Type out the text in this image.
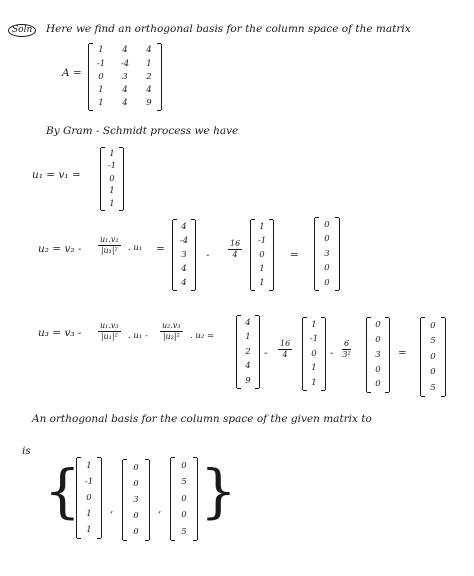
Soln	Here we find an orthogonal basis for the column space of the matrix
A =
1 4 4
-1 -4 1
0 3 2
1 4 4
1 4 9
By Gram - Schmidt process we have
u₁ = v₁ =
1
-1
0
1
1
$u_2 = v_2 - \frac{\text{u₁.v₂}}{\text{|u₁|²}}$ . u₁ =
4
-4
3
4
4
- $\frac{16}{4}$
1
-1
0
1
1
=
0
0
3
0
0
$u_3 = v_3 - \frac{\text{u₁.v₃}}{\text{|u₁|²}}$ . $u_1 - \frac{\text{u₂.v₃}}{\text{|u₂|²}}$ . u₂ =
4
1
2
4
9
- $\frac{16}{4}$
1
-1
0
1
1
- $\frac{6}{\text{3²}}$
0
0
3
0
0
=
0
5
0
0
5
An orthogonal basis for the column space of the given matrix to
is
{ 1
-1
0
1
1
,
0
0
3
0
0
,
0
5
0
0
5
}
